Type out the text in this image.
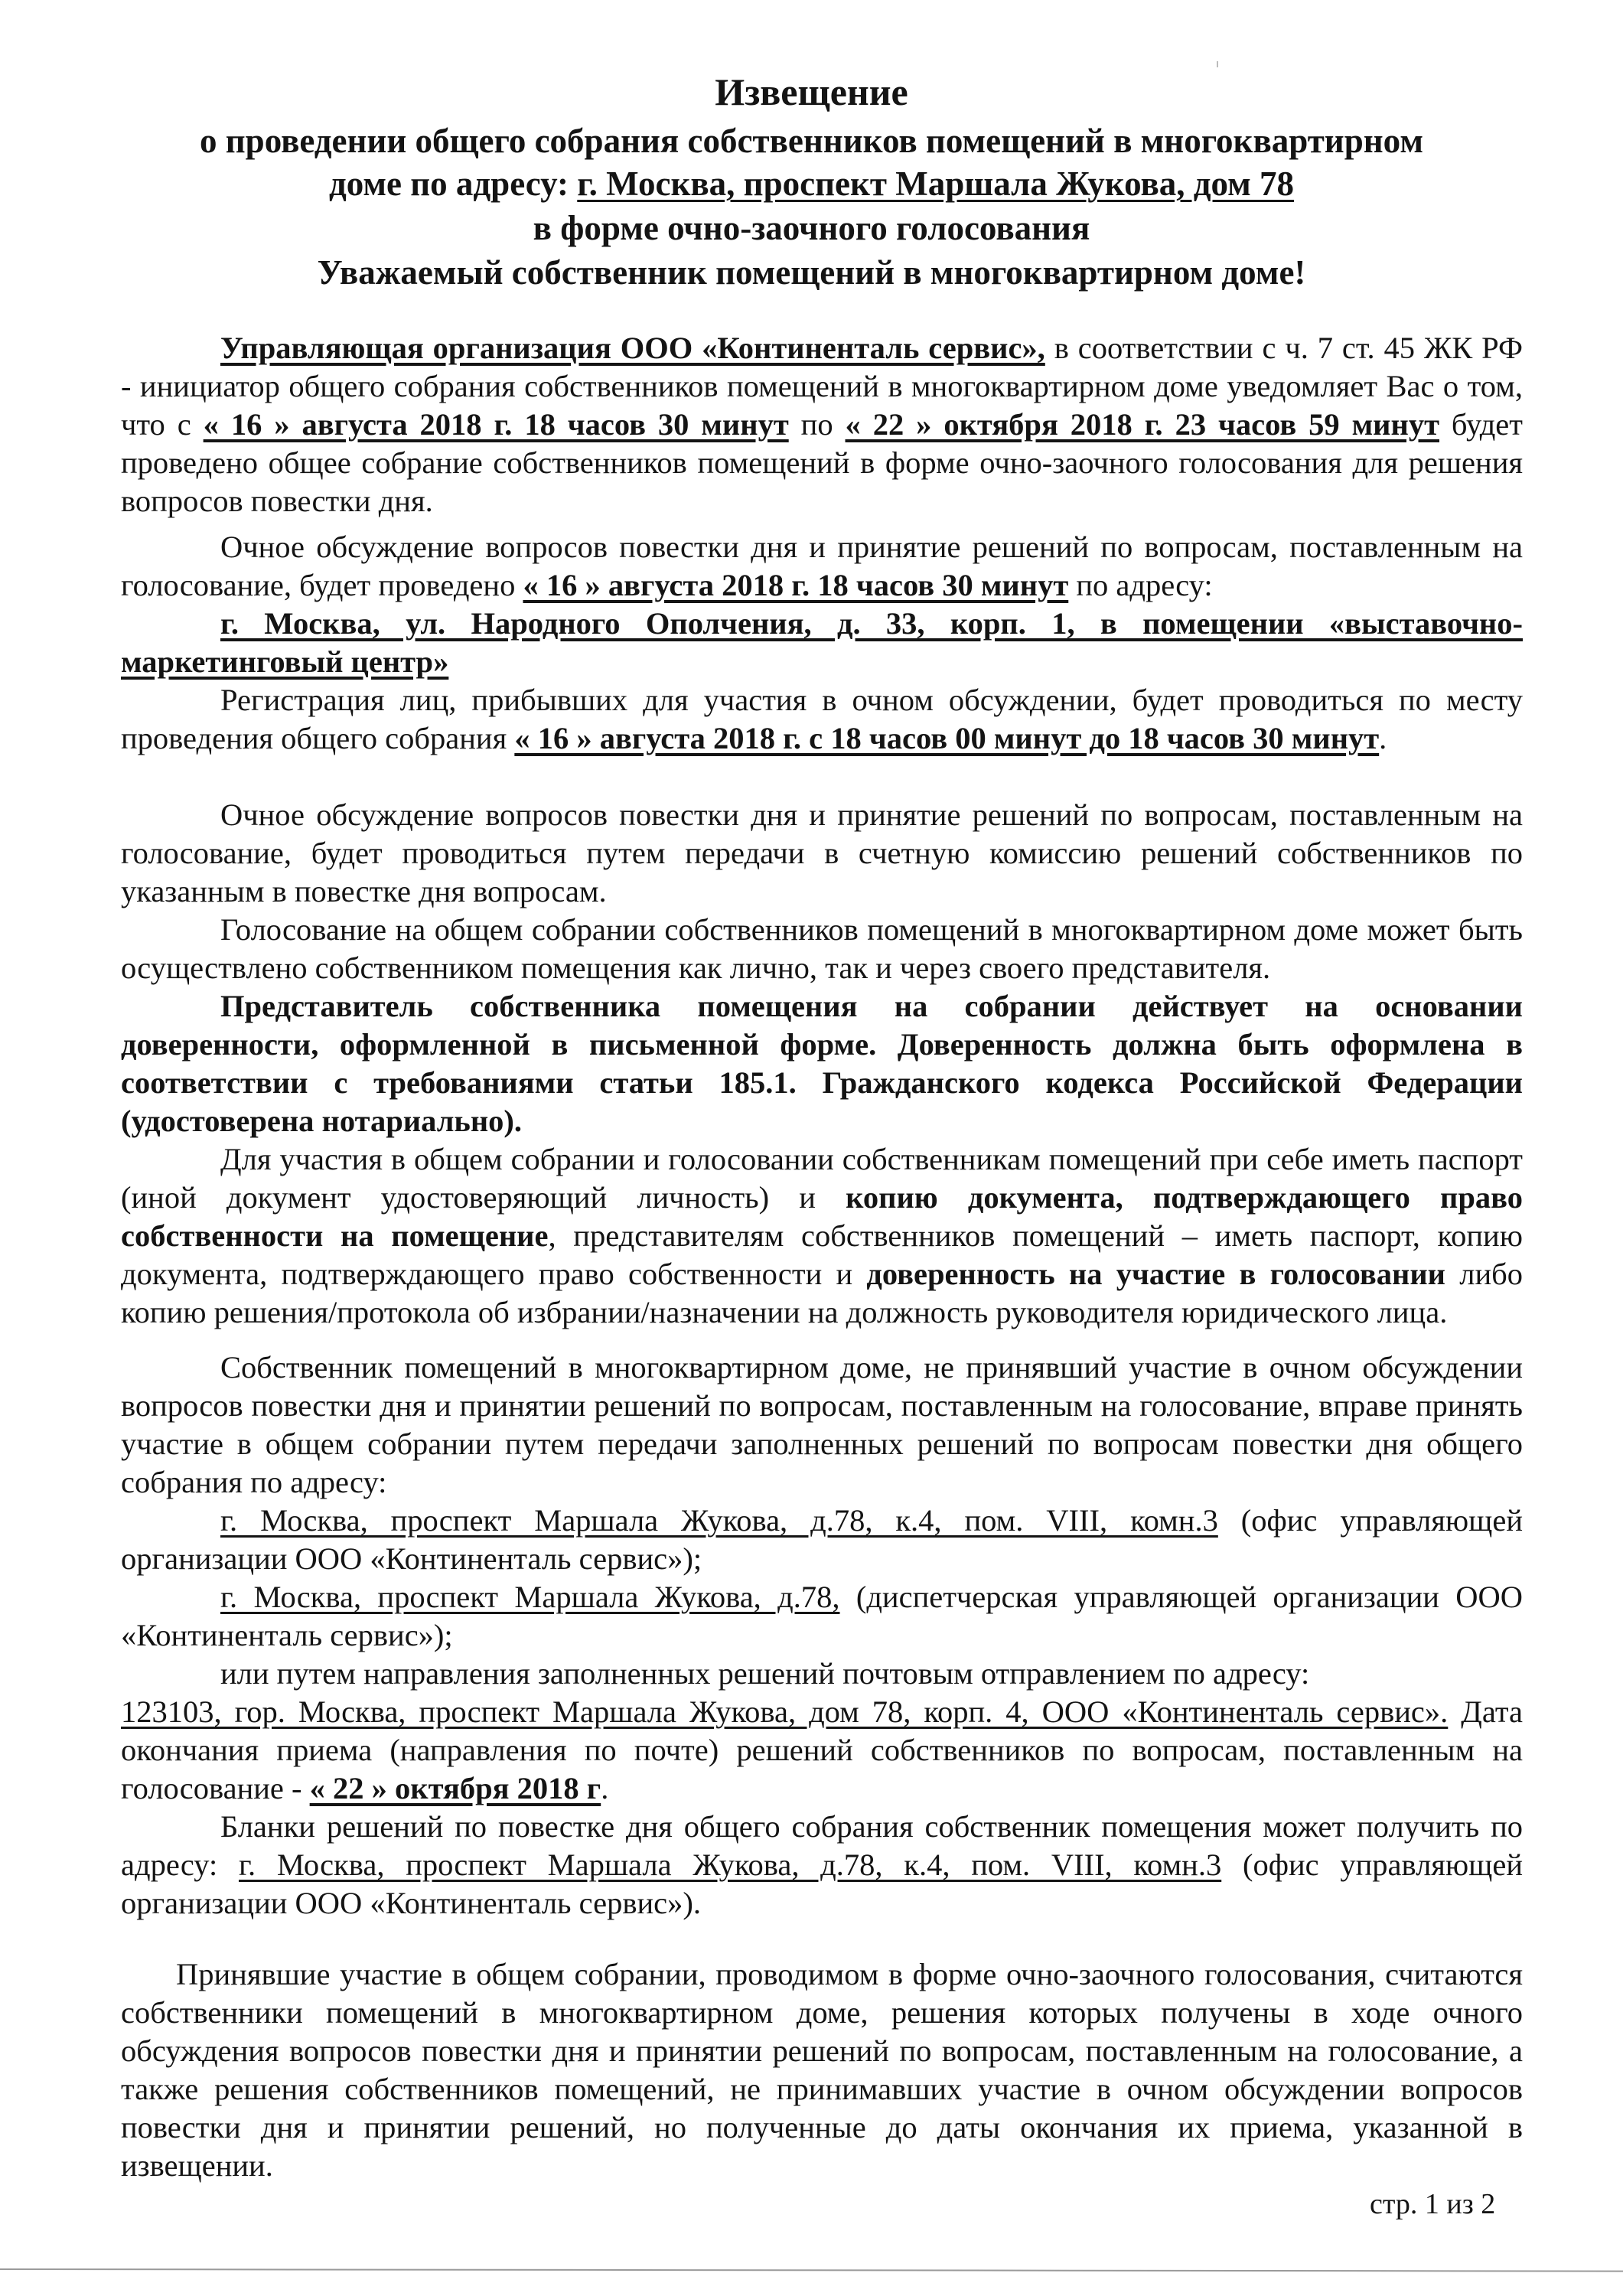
Извещение
о проведении общего собрания собственников помещений в многоквартирном
доме по адресу: г. Москва, проспект Маршала Жукова, дом 78
в форме очно-заочного голосования
Уважаемый собственник помещений в многоквартирном доме!
Управляющая организация ООО «Континенталь сервис», в соответствии с ч. 7 ст. 45 ЖК РФ - инициатор общего собрания собственников помещений в многоквартирном доме уведомляет Вас о том, что с « 16 » августа 2018 г. 18 часов 30 минут по « 22 » октября 2018 г. 23 часов 59 минут будет проведено общее собрание собственников помещений в форме очно-заочного голосования для решения вопросов повестки дня.
Очное обсуждение вопросов повестки дня и принятие решений по вопросам, поставленным на голосование, будет проведено « 16 » августа 2018 г. 18 часов 30 минут по адресу:
г. Москва, ул. Народного Ополчения, д. 33, корп. 1, в помещении «выставочно-маркетинговый центр»
Регистрация лиц, прибывших для участия в очном обсуждении, будет проводиться по месту проведения общего собрания « 16 » августа 2018 г. с 18 часов 00 минут до 18 часов 30 минут.
Очное обсуждение вопросов повестки дня и принятие решений по вопросам, поставленным на голосование, будет проводиться путем передачи в счетную комиссию решений собственников по указанным в повестке дня вопросам.
Голосование на общем собрании собственников помещений в многоквартирном доме может быть осуществлено собственником помещения как лично, так и через своего представителя.
Представитель собственника помещения на собрании действует на основании доверенности, оформленной в письменной форме. Доверенность должна быть оформлена в соответствии с требованиями статьи 185.1. Гражданского кодекса Российской Федерации (удостоверена нотариально).
Для участия в общем собрании и голосовании собственникам помещений при себе иметь паспорт (иной документ удостоверяющий личность) и копию документа, подтверждающего право собственности на помещение, представителям собственников помещений – иметь паспорт, копию документа, подтверждающего право собственности и доверенность на участие в голосовании либо копию решения/протокола об избрании/назначении на должность руководителя юридического лица.
Собственник помещений в многоквартирном доме, не принявший участие в очном обсуждении вопросов повестки дня и принятии решений по вопросам, поставленным на голосование, вправе принять участие в общем собрании путем передачи заполненных решений по вопросам повестки дня общего собрания по адресу:
г. Москва, проспект Маршала Жукова, д.78, к.4, пом. VIII, комн.3 (офис управляющей организации ООО «Континенталь сервис»);
г. Москва, проспект Маршала Жукова, д.78, (диспетчерская управляющей организации ООО «Континенталь сервис»);
или путем направления заполненных решений почтовым отправлением по адресу:
123103, гор. Москва, проспект Маршала Жукова, дом 78, корп. 4, ООО «Континенталь сервис». Дата окончания приема (направления по почте) решений собственников по вопросам, поставленным на голосование - « 22 » октября 2018 г.
Бланки решений по повестке дня общего собрания собственник помещения может получить по адресу: г. Москва, проспект Маршала Жукова, д.78, к.4, пом. VIII, комн.3 (офис управляющей организации ООО «Континенталь сервис»).
Принявшие участие в общем собрании, проводимом в форме очно-заочного голосования, считаются собственники помещений в многоквартирном доме, решения которых получены в ходе очного обсуждения вопросов повестки дня и принятии решений по вопросам, поставленным на голосование, а также решения собственников помещений, не принимавших участие в очном обсуждении вопросов повестки дня и принятии решений, но полученные до даты окончания их приема, указанной в извещении.
стр. 1 из 2
